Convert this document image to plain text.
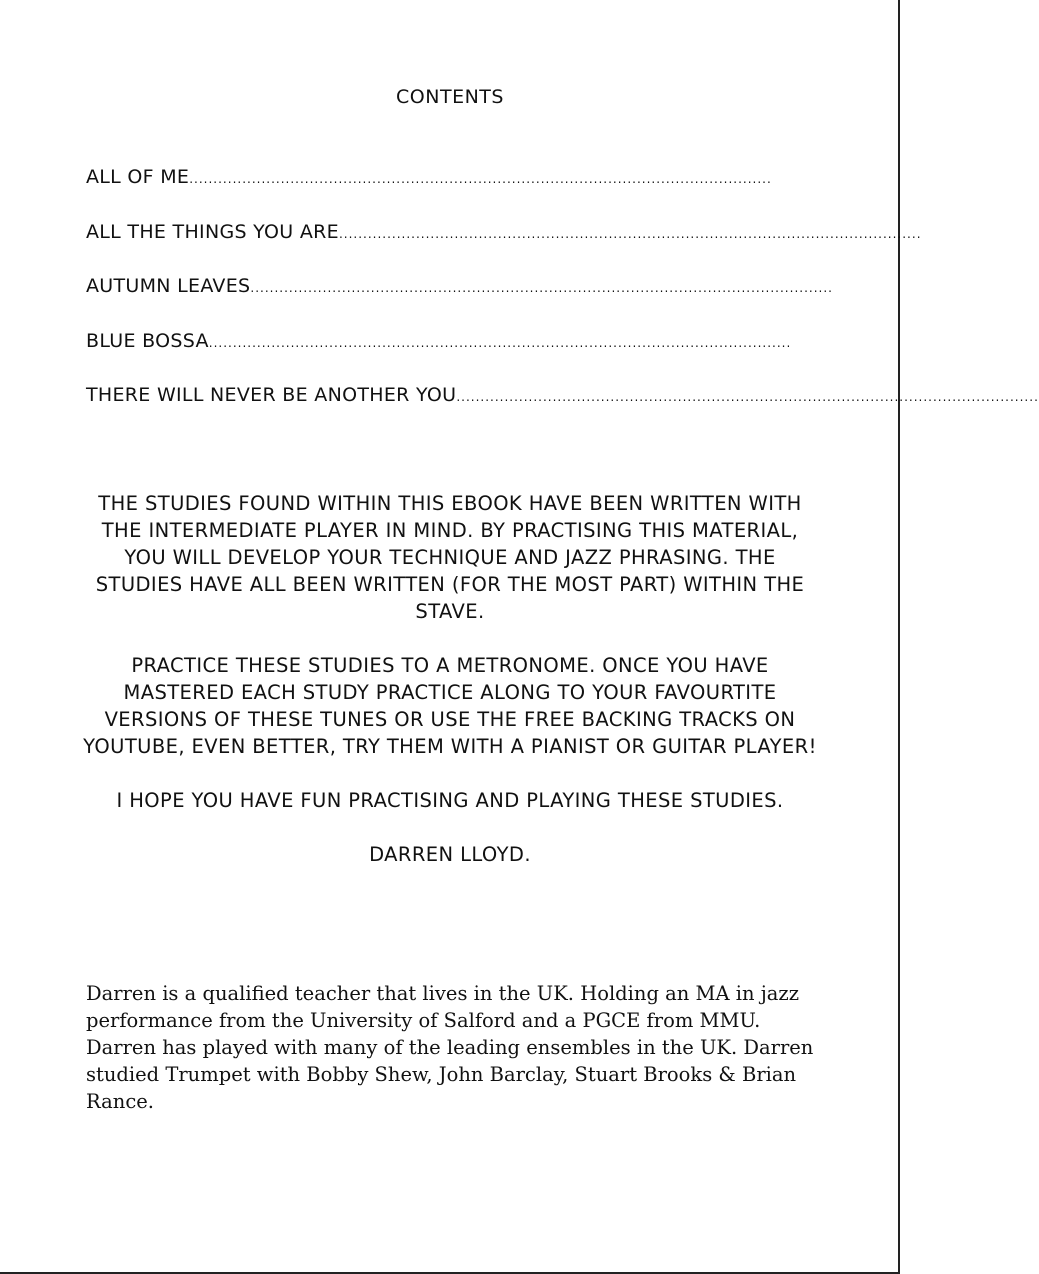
CONTENTS
ALL OF ME .........................................................................................................................
ALL THE THINGS YOU ARE .........................................................................................................................
AUTUMN LEAVES .........................................................................................................................
BLUE BOSSA .........................................................................................................................
THERE WILL NEVER BE ANOTHER YOU .........................................................................................................................

THE STUDIES FOUND WITHIN THIS EBOOK HAVE BEEN WRITTEN WITH THE INTERMEDIATE PLAYER IN MIND. BY PRACTISING THIS MATERIAL, YOU WILL DEVELOP YOUR TECHNIQUE AND JAZZ PHRASING. THE STUDIES HAVE ALL BEEN WRITTEN (FOR THE MOST PART) WITHIN THE STAVE.

PRACTICE THESE STUDIES TO A METRONOME. ONCE YOU HAVE MASTERED EACH STUDY PRACTICE ALONG TO YOUR FAVOURTITE VERSIONS OF THESE TUNES OR USE THE FREE BACKING TRACKS ON YOUTUBE, EVEN BETTER, TRY THEM WITH A PIANIST OR GUITAR PLAYER!

I HOPE YOU HAVE FUN PRACTISING AND PLAYING THESE STUDIES.

DARREN LLOYD.

Darren is a qualified teacher that lives in the UK. Holding an MA in jazz performance from the University of Salford and a PGCE from MMU. Darren has played with many of the leading ensembles in the UK. Darren studied Trumpet with Bobby Shew, John Barclay, Stuart Brooks & Brian Rance.
